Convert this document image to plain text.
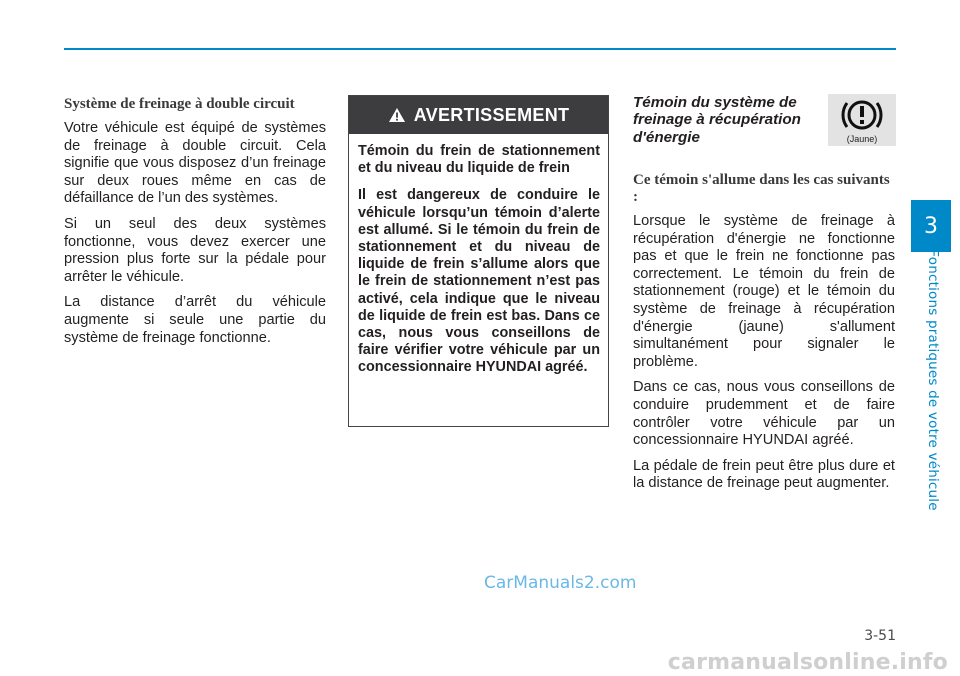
Système de freinage à double circuit

Votre véhicule est équipé de systèmes de freinage à double circuit. Cela signifie que vous disposez d’un freinage sur deux roues même en cas de défaillance de l’un des systèmes.

Si un seul des deux systèmes fonctionne, vous devez exercer une pression plus forte sur la pédale pour arrêter le véhicule.

La distance d’arrêt du véhicule augmente si seule une partie du système de freinage fonctionne.

AVERTISSEMENT

Témoin du frein de stationnement et du niveau du liquide de frein

Il est dangereux de conduire le véhicule lorsqu’un témoin d’alerte est allumé. Si le témoin du frein de stationnement et du niveau de liquide de frein s’allume alors que le frein de stationnement n’est pas activé, cela indique que le niveau de liquide de frein est bas. Dans ce cas, nous vous conseillons de faire vérifier votre véhicule par un concessionnaire HYUNDAI agréé.

Témoin du système de freinage à récupération d'énergie	(Jaune)
Ce témoin s'allume dans les cas suivants :

Lorsque le système de freinage à récupération d'énergie ne fonctionne pas et que le frein ne fonctionne pas correctement. Le témoin du frein de stationnement (rouge) et le témoin du système de freinage à récupération d'énergie (jaune) s'allument simultanément pour signaler le problème.

Dans ce cas, nous vous conseillons de conduire prudemment et de faire contrôler votre véhicule par un concessionnaire HYUNDAI agréé.

La pédale de frein peut être plus dure et la distance de freinage peut augmenter.

3
Fonctions pratiques de votre véhicule
CarManuals2.com
3-51
carmanualsonline.info
